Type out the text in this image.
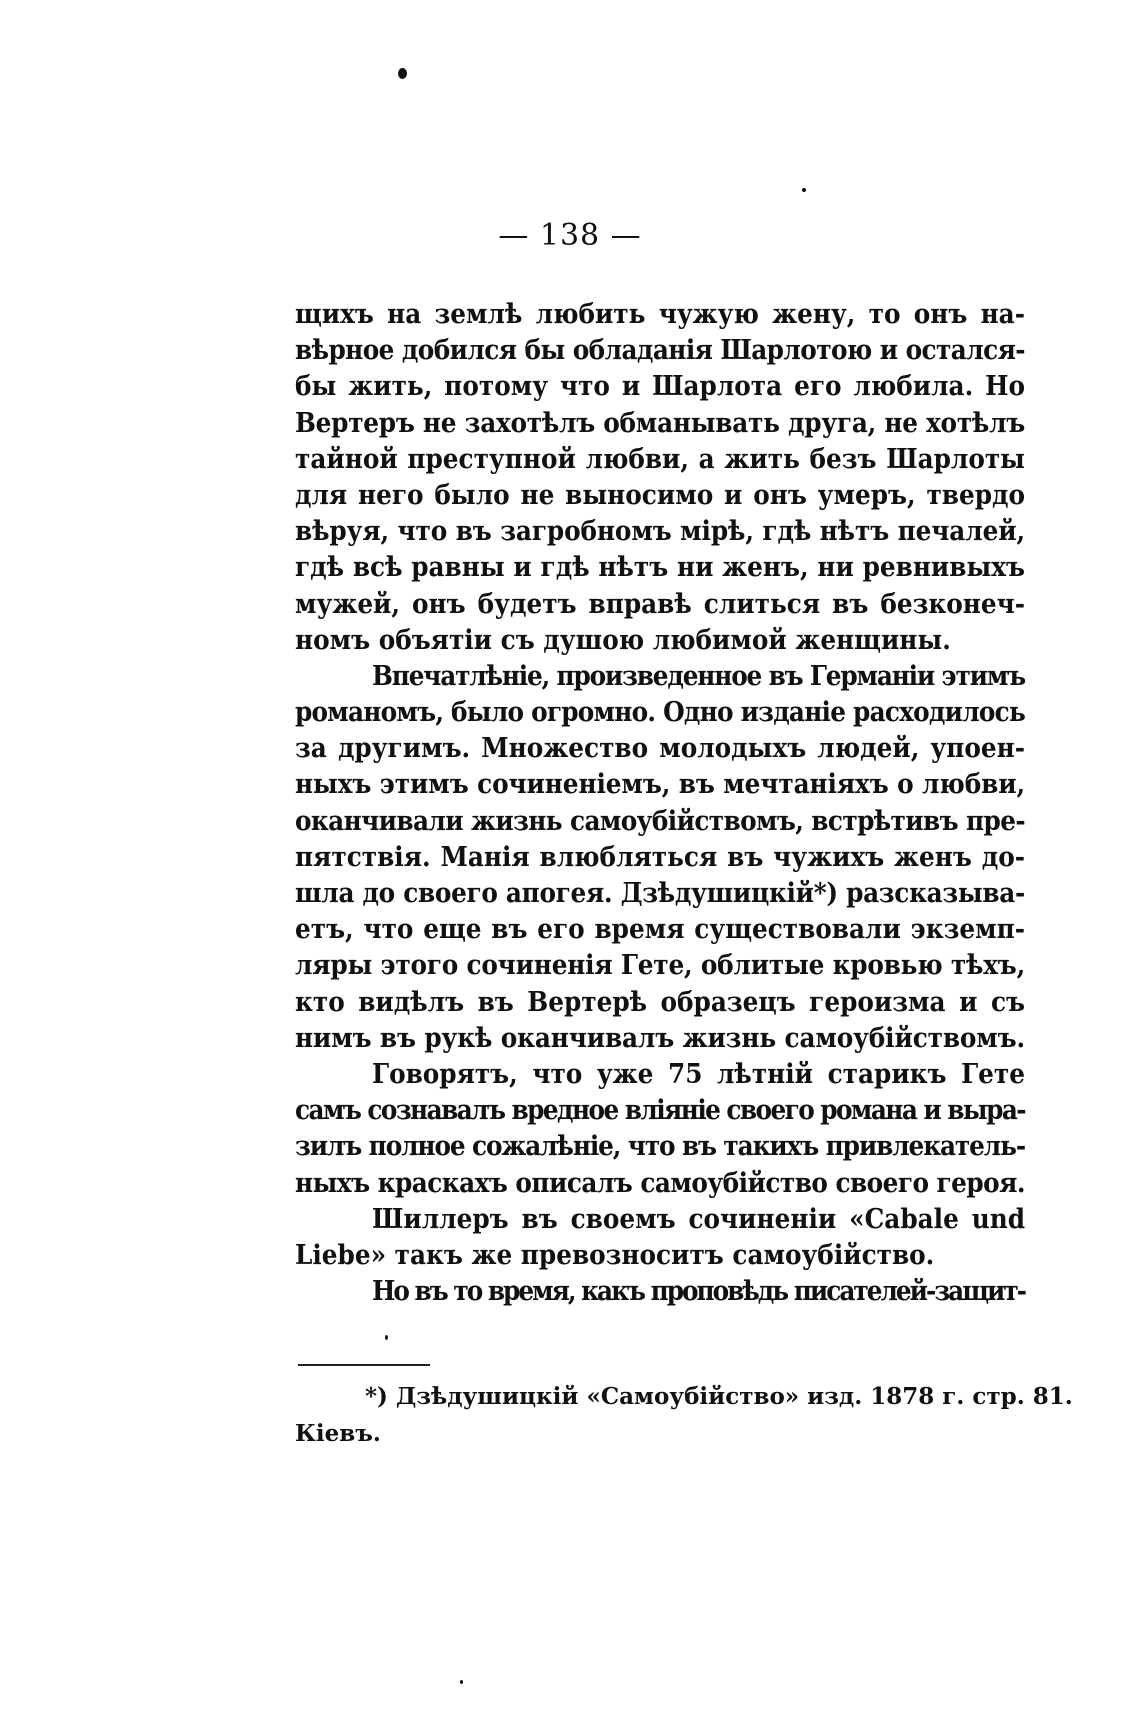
— 138 —
щихъ на землѣ любить чужую жену, то онъ на-
вѣрное добился бы обладанія Шарлотою и остался-
бы жить, потому что и Шарлота его любила. Но
Вертеръ не захотѣлъ обманывать друга, не хотѣлъ
тайной преступной любви, а жить безъ Шарлоты
для него было не выносимо и онъ умеръ, твердо
вѣруя, что въ загробномъ мірѣ, гдѣ нѣтъ печалей,
гдѣ всѣ равны и гдѣ нѣтъ ни женъ, ни ревнивыхъ
мужей, онъ будетъ вправѣ слиться въ безконеч-
номъ объятіи съ душою любимой женщины.
Впечатлѣніе, произведенное въ Германіи этимъ
романомъ, было огромно. Одно изданіе расходилось
за другимъ. Множество молодыхъ людей, упоен-
ныхъ этимъ сочиненіемъ, въ мечтаніяхъ о любви,
оканчивали жизнь самоубійствомъ, встрѣтивъ пре-
пятствія. Манія влюбляться въ чужихъ женъ до-
шла до своего апогея. Дзѣдушицкій*) разсказыва-
етъ, что еще въ его время существовали экземп-
ляры этого сочиненія Гете, облитые кровью тѣхъ,
кто видѣлъ въ Вертерѣ образецъ героизма и съ
нимъ въ рукѣ оканчивалъ жизнь самоубійствомъ.
Говорятъ, что уже 75 лѣтній старикъ Гете
самъ сознавалъ вредное вліяніе своего романа и выра-
зилъ полное сожалѣніе, что въ такихъ привлекатель-
ныхъ краскахъ описалъ самоубійство своего героя.
Шиллеръ въ своемъ сочиненіи «Cabale und
Liebe» такъ же превозноситъ самоубійство.
Но въ то время, какъ проповѣдь писателей-защит-
*) Дзѣдушицкій «Самоубійство» изд. 1878 г. стр. 81.
Кіевъ.
